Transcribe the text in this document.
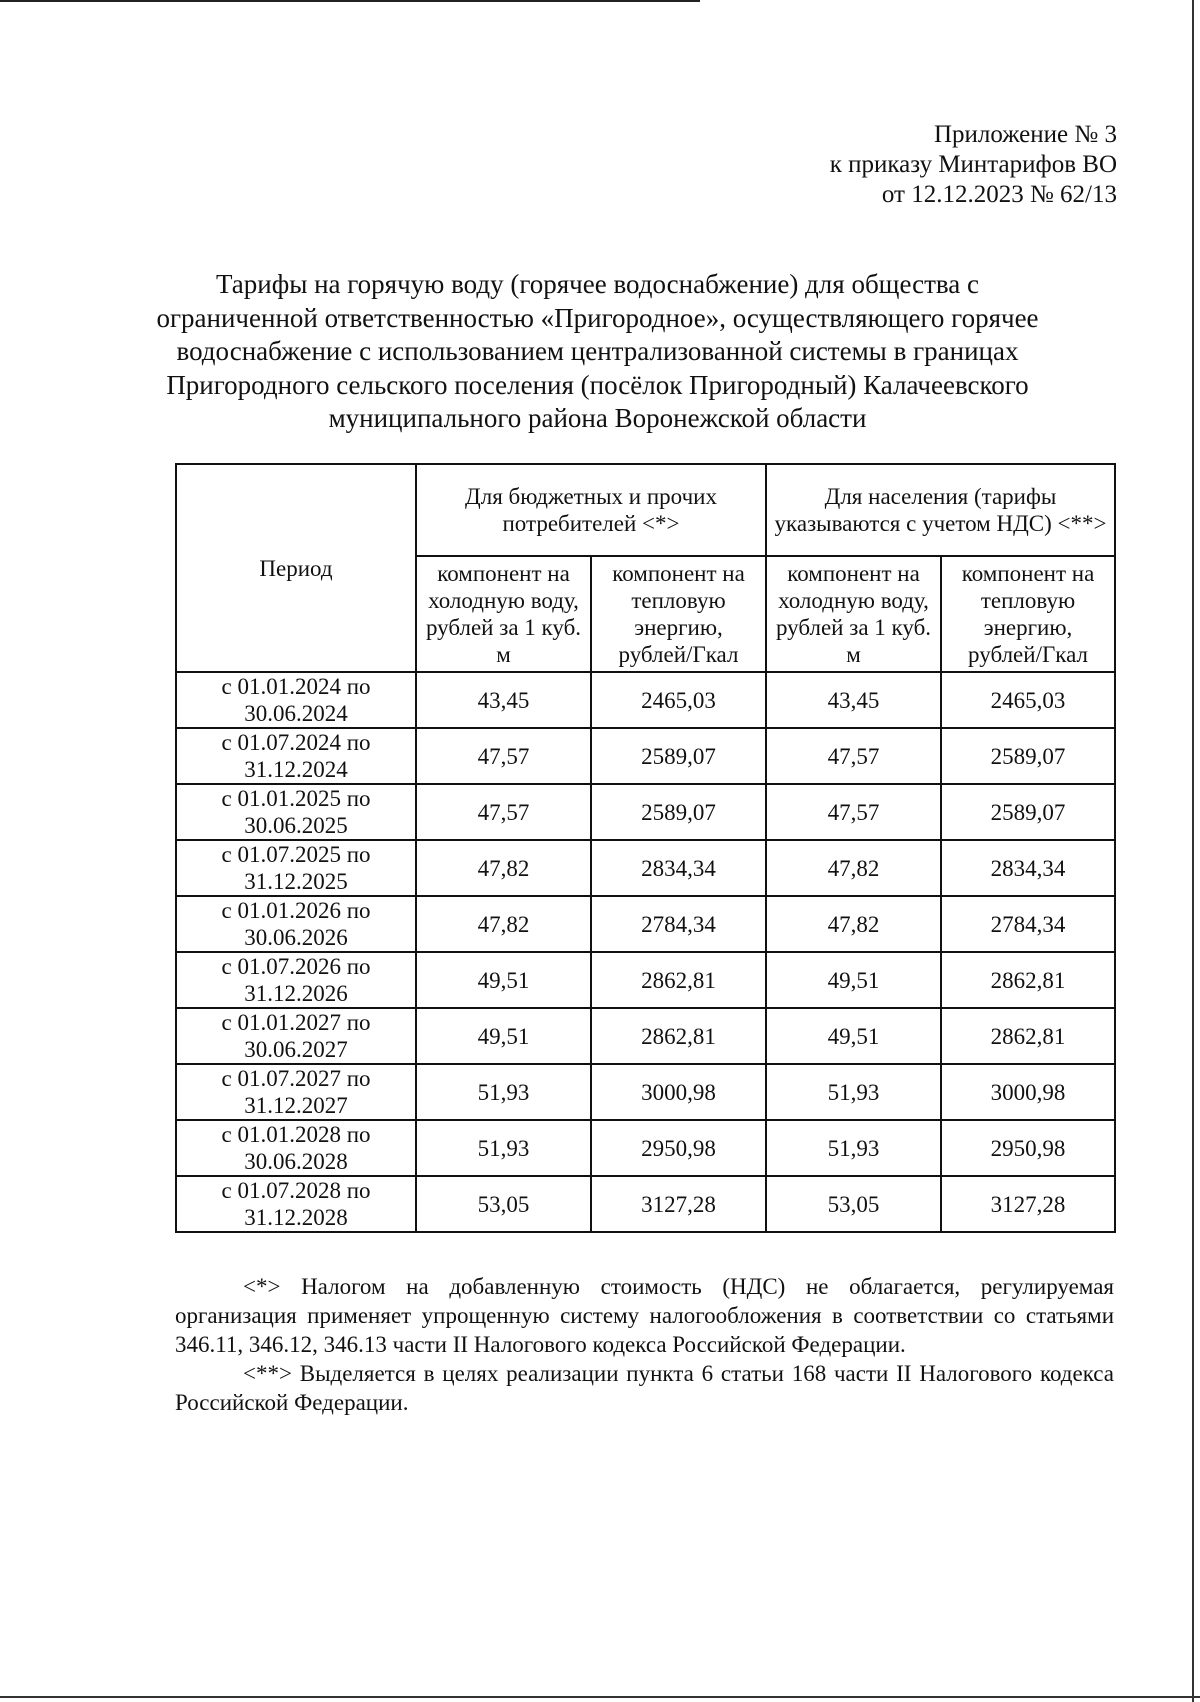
Приложение № 3
к приказу Минтарифов ВО
от 12.12.2023 № 62/13
Тарифы на горячую воду (горячее водоснабжение) для общества с
ограниченной ответственностью «Пригородное», осуществляющего горячее
водоснабжение с использованием централизованной системы в границах
Пригородного сельского поселения (посёлок Пригородный) Калачеевского
муниципального района Воронежской области
Период	Для бюджетных и прочих потребителей <*>		Для населения (тарифы указываются с учетом НДС) <**>	
	компонент на холодную воду, рублей за 1 куб. м	компонент на тепловую энергию, рублей/Гкал	компонент на холодную воду, рублей за 1 куб. м	компонент на тепловую энергию, рублей/Гкал
с 01.01.2024 по 30.06.2024	43,45	2465,03	43,45	2465,03
с 01.07.2024 по 31.12.2024	47,57	2589,07	47,57	2589,07
с 01.01.2025 по 30.06.2025	47,57	2589,07	47,57	2589,07
с 01.07.2025 по 31.12.2025	47,82	2834,34	47,82	2834,34
с 01.01.2026 по 30.06.2026	47,82	2784,34	47,82	2784,34
с 01.07.2026 по 31.12.2026	49,51	2862,81	49,51	2862,81
с 01.01.2027 по 30.06.2027	49,51	2862,81	49,51	2862,81
с 01.07.2027 по 31.12.2027	51,93	3000,98	51,93	3000,98
с 01.01.2028 по 30.06.2028	51,93	2950,98	51,93	2950,98
с 01.07.2028 по 31.12.2028	53,05	3127,28	53,05	3127,28

<*> Налогом на добавленную стоимость (НДС) не облагается, регулируемая организация применяет упрощенную систему налогообложения в соответствии со статьями 346.11, 346.12, 346.13 части II Налогового кодекса Российской Федерации.

<**> Выделяется в целях реализации пункта 6 статьи 168 части II Налогового кодекса Российской Федерации.
